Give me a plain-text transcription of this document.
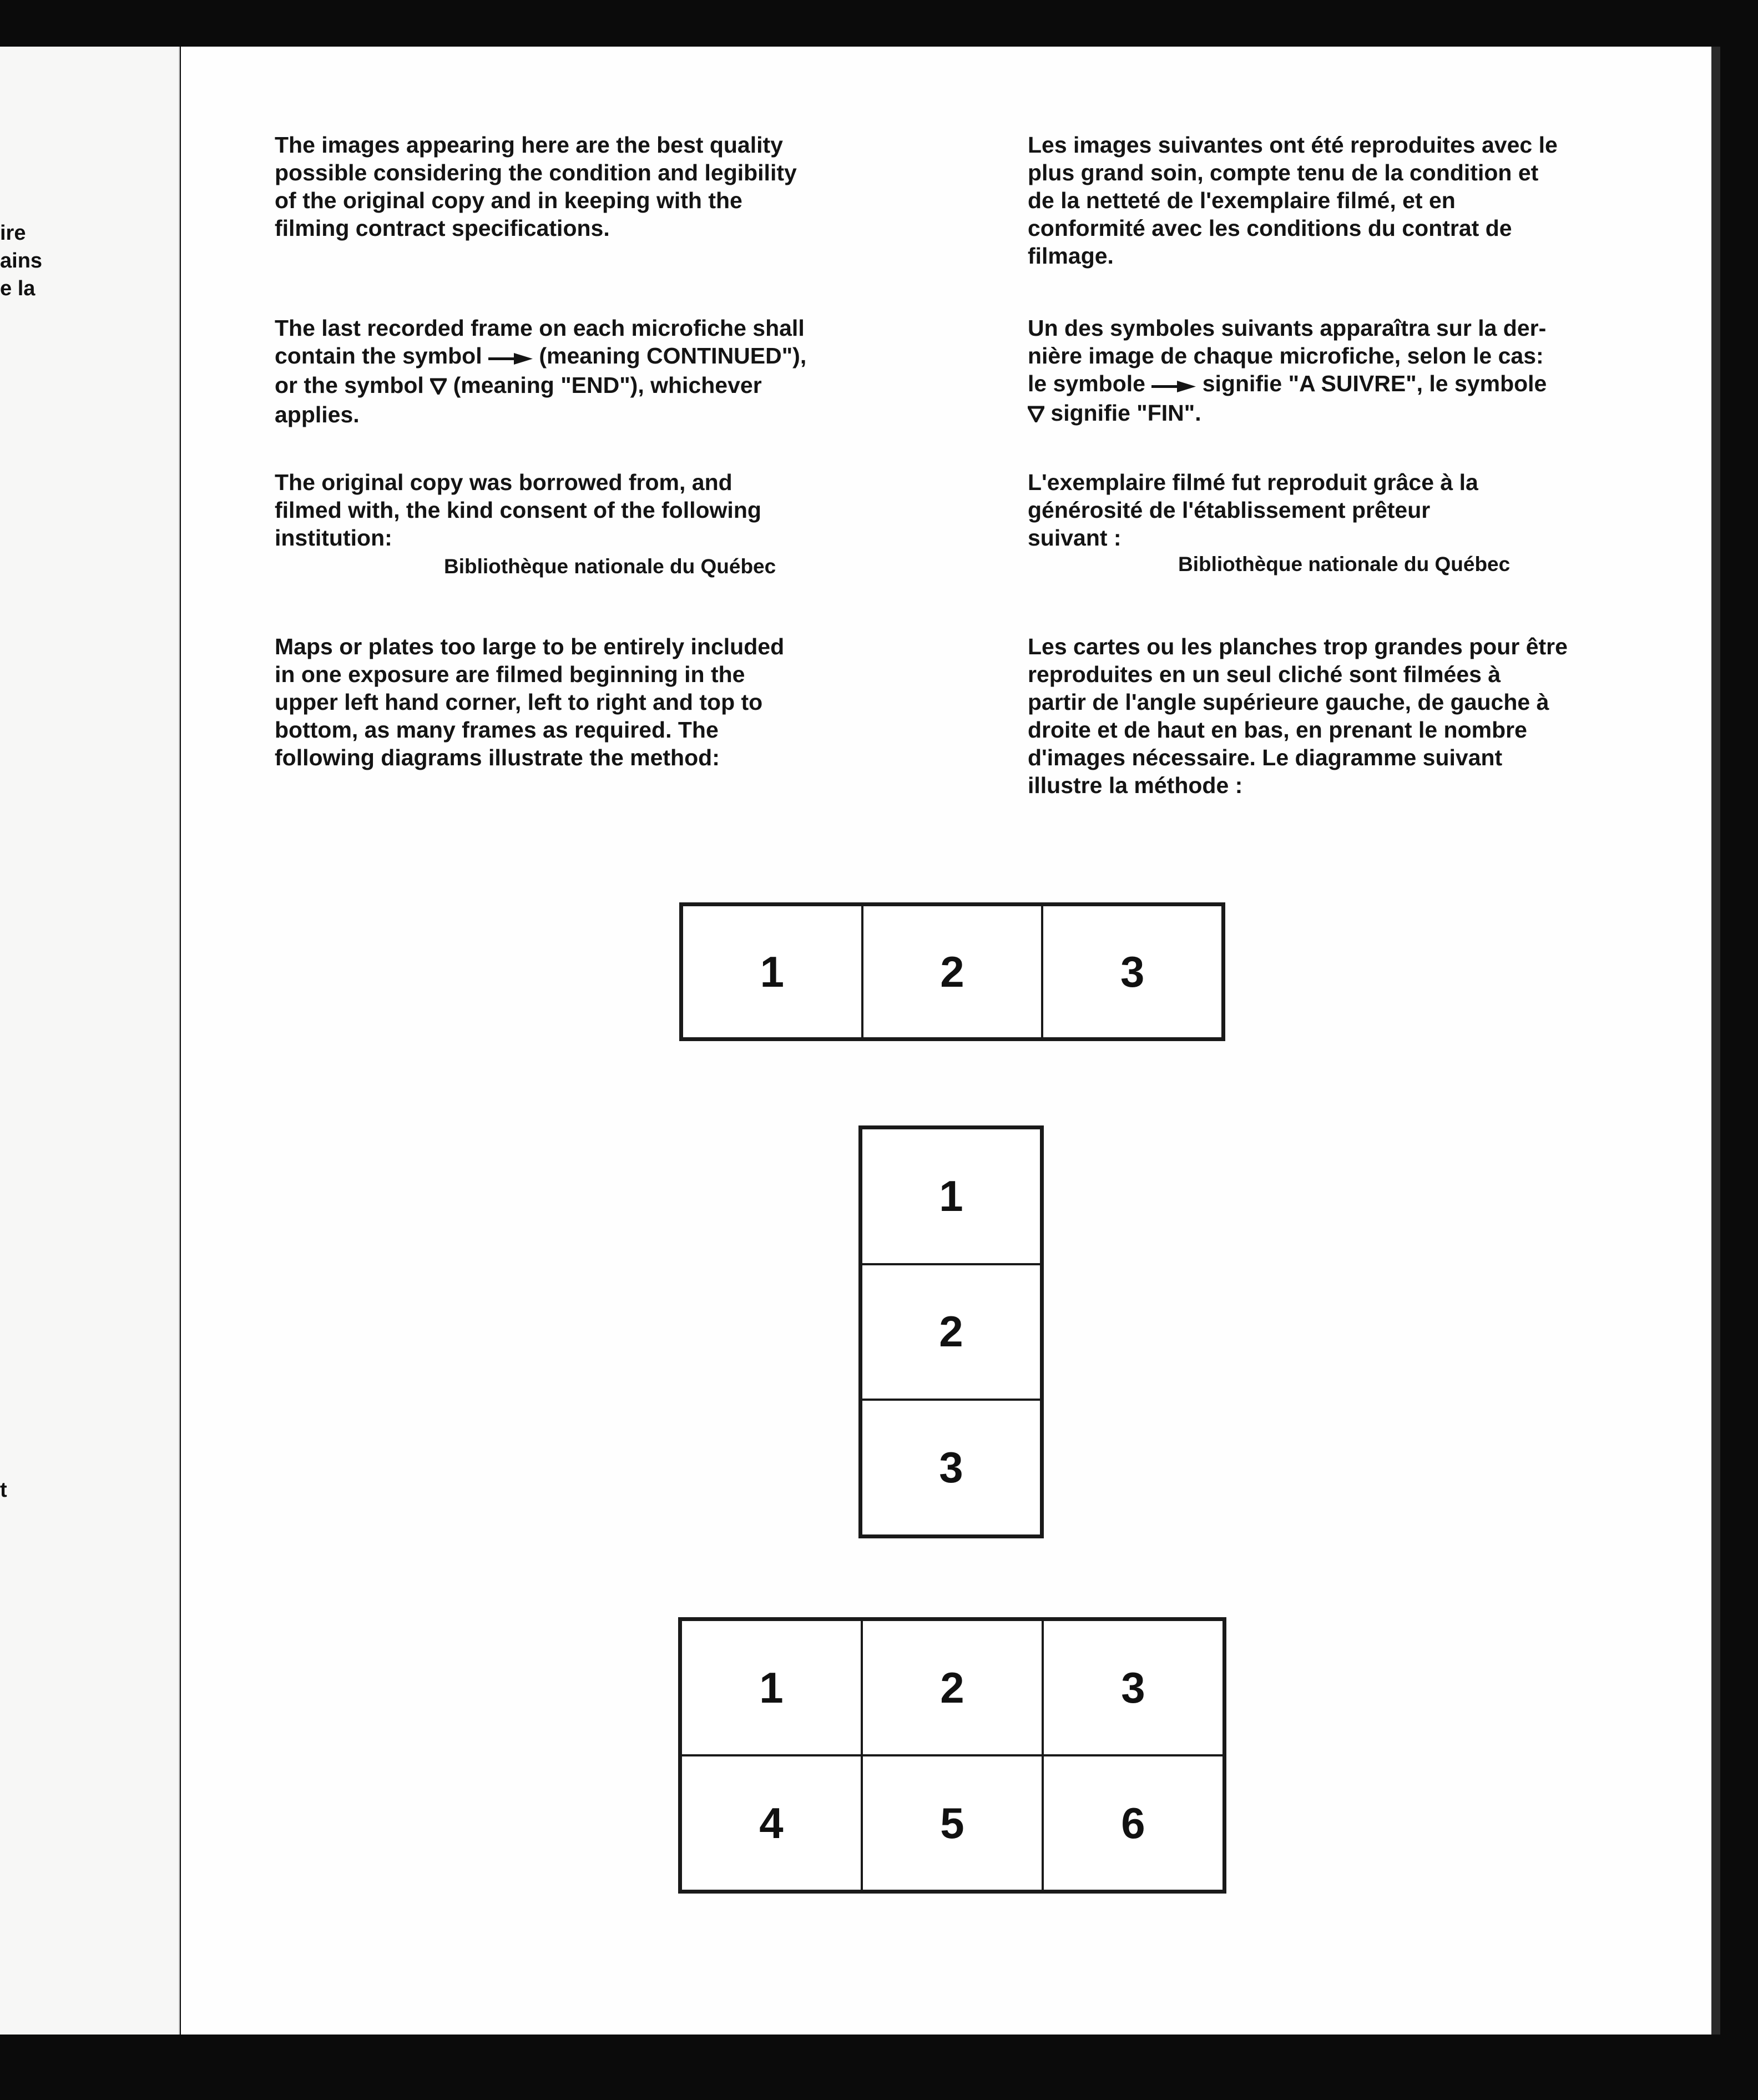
ire
ains
e la
t

The images appearing here are the best quality
possible considering the condition and legibility
of the original copy and in keeping with the
filming contract specifications.

The last recorded frame on each microfiche shall
contain the symbol  (meaning CONTINUED"),
or the symbol  (meaning "END"), whichever
applies.

The original copy was borrowed from, and
filmed with, the kind consent of the following
institution:

Bibliothèque nationale du Québec

Maps or plates too large to be entirely included
in one exposure are filmed beginning in the
upper left hand corner, left to right and top to
bottom, as many frames as required. The
following diagrams illustrate the method:

Les images suivantes ont été reproduites avec le
plus grand soin, compte tenu de la condition et
de la netteté de l'exemplaire filmé, et en
conformité avec les conditions du contrat de
filmage.

Un des symboles suivants apparaîtra sur la der-
nière image de chaque microfiche, selon le cas:
le symbole  signifie "A SUIVRE", le symbole
signifie "FIN".

L'exemplaire filmé fut reproduit grâce à la
générosité de l'établissement prêteur
suivant :

Bibliothèque nationale du Québec

Les cartes ou les planches trop grandes pour être
reproduites en un seul cliché sont filmées à
partir de l'angle supérieure gauche, de gauche à
droite et de haut en bas, en prenant le nombre
d'images nécessaire. Le diagramme suivant
illustre la méthode :

1	2	3
1
2
3
1	2	3
4	5	6
